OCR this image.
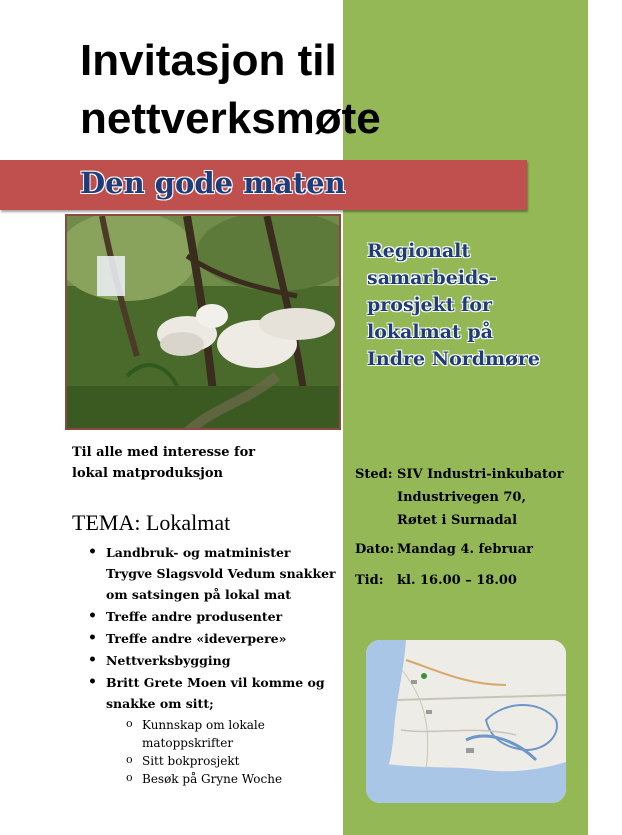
Invitasjon til
nettverksmøte
Den gode maten
Regionalt
samarbeids-
prosjekt for
lokalmat på
Indre Nordmøre
Til alle med interesse for
lokal matproduksjon
TEMA: Lokalmat
• Landbruk- og matminister Trygve Slagsvold Vedum snakker om satsingen på lokal mat
• Treffe andre produsenter
• Treffe andre «ideverpere»
• Nettverksbygging
• Britt Grete Moen vil komme og snakke om sitt;
o Kunnskap om lokale matoppskrifter
o Sitt bokprosjekt
o Besøk på Gryne Woche
Sted: SIV Industri-inkubator
Industrivegen 70,
Røtet i Surnadal
Dato: Mandag 4. februar
Tid: kl. 16.00 – 18.00
